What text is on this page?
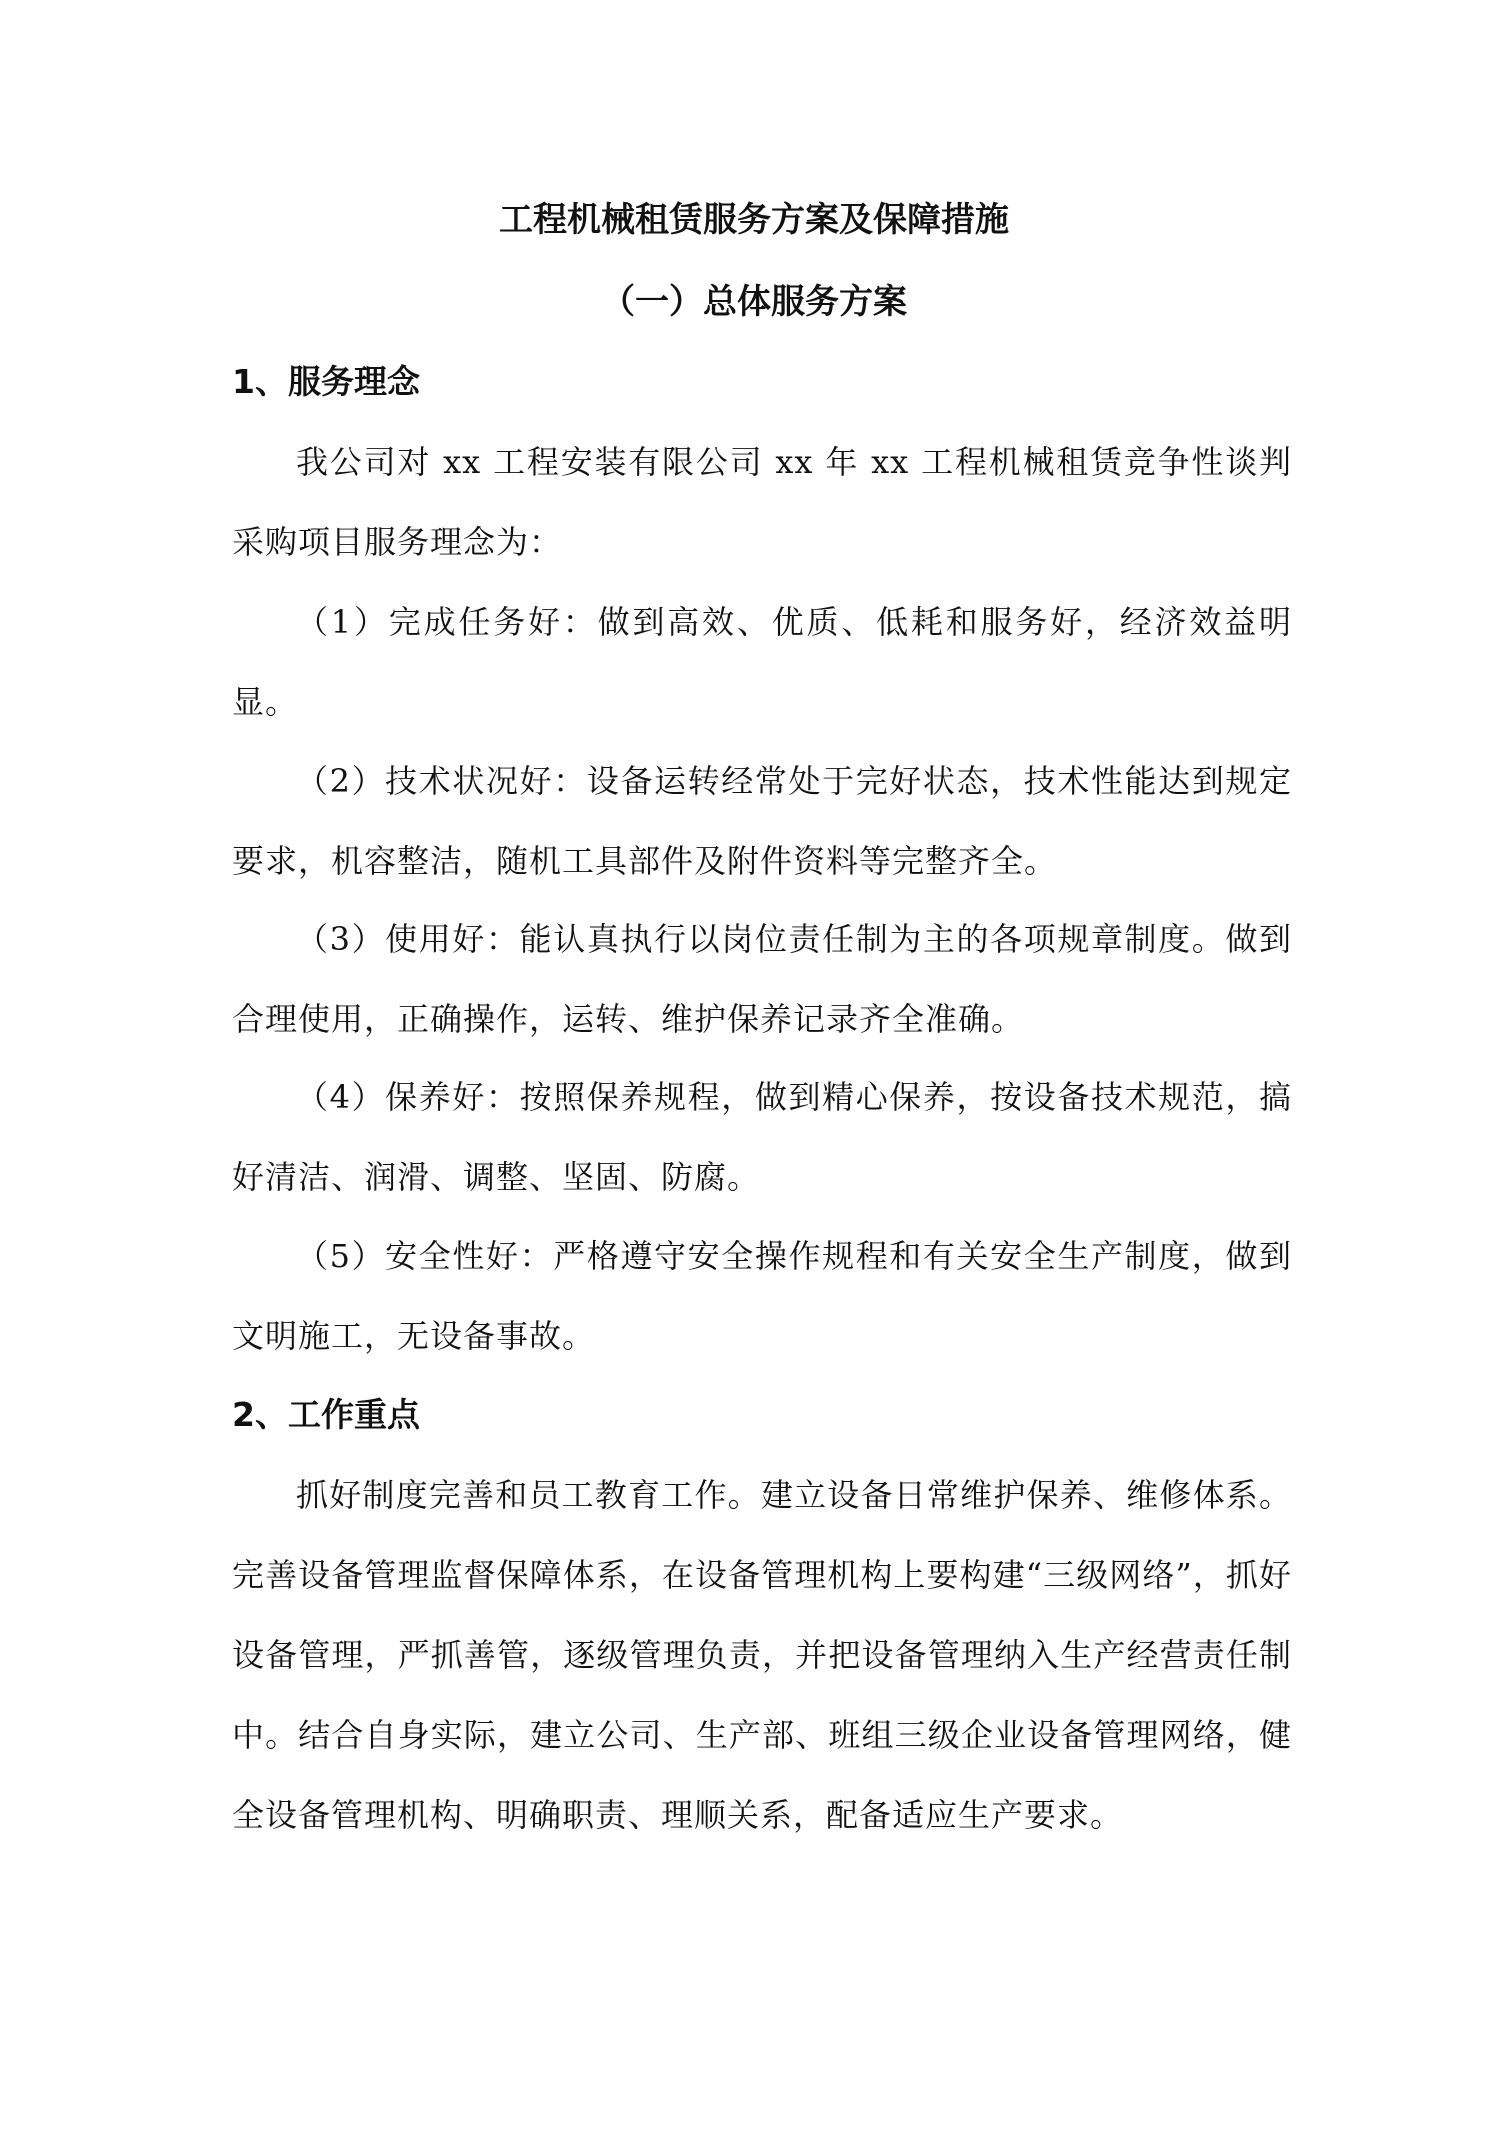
工程机械租赁服务方案及保障措施
（一）总体服务方案
1、服务理念

我公司对 xx 工程安装有限公司 xx 年 xx 工程机械租赁竞争性谈判采购项目服务理念为：

（1）完成任务好：做到高效、优质、低耗和服务好，经济效益明显。

（2）技术状况好：设备运转经常处于完好状态，技术性能达到规定要求，机容整洁，随机工具部件及附件资料等完整齐全。

（3）使用好：能认真执行以岗位责任制为主的各项规章制度。做到合理使用，正确操作，运转、维护保养记录齐全准确。

（4）保养好：按照保养规程，做到精心保养，按设备技术规范，搞好清洁、润滑、调整、坚固、防腐。

（5）安全性好：严格遵守安全操作规程和有关安全生产制度，做到文明施工，无设备事故。

2、工作重点

抓好制度完善和员工教育工作。建立设备日常维护保养、维修体系。完善设备管理监督保障体系，在设备管理机构上要构建“三级网络”，抓好设备管理，严抓善管，逐级管理负责，并把设备管理纳入生产经营责任制中。结合自身实际，建立公司、生产部、班组三级企业设备管理网络，健全设备管理机构、明确职责、理顺关系，配备适应生产要求。
